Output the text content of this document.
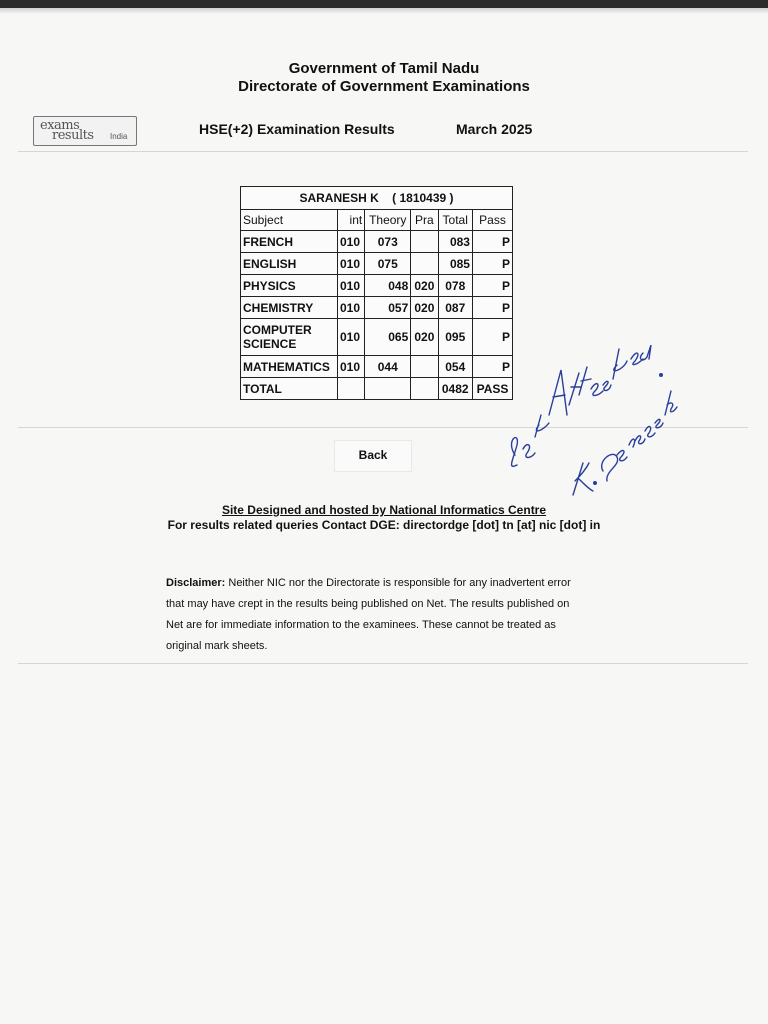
Government of Tamil Nadu
Directorate of Government Examinations
exams
results India	HSE(+2) Examination Results	March 2025
SARANESH K ( 1810439 )					
Subject	int	Theory	Pra	Total	Pass
FRENCH	010	073		083	P
ENGLISH	010	075		085	P
PHYSICS	010	048	020	078	P
CHEMISTRY	010	057	020	087	P
COMPUTER
SCIENCE	010	065	020	095	P
MATHEMATICS	010	044		054	P
TOTAL				0482	PASS
Back
Site Designed and hosted by National Informatics Centre
For results related queries Contact DGE: directordge [dot] tn [at] nic [dot] in
Disclaimer: Neither NIC nor the Directorate is responsible for any inadvertent error
that may have crept in the results being published on Net. The results published on
Net are for immediate information to the examinees. These cannot be treated as
original mark sheets.
